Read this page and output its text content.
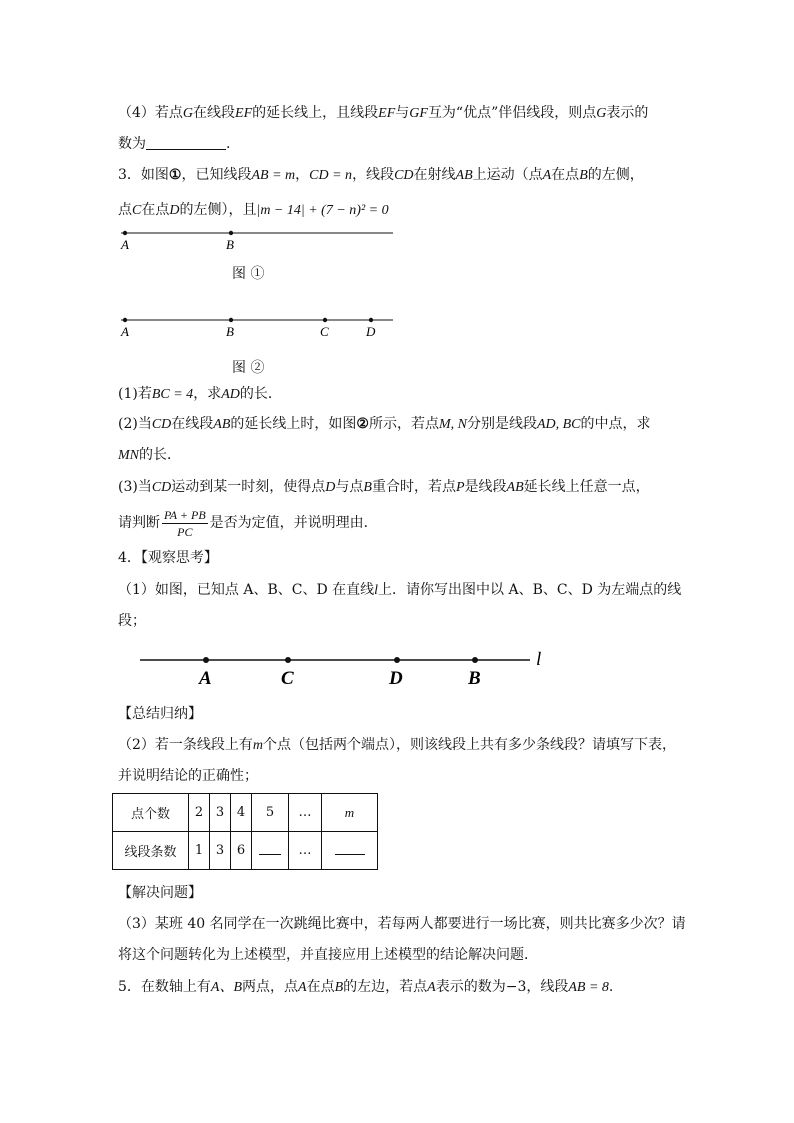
（4）若点G在线段EF的延长线上，且线段EF与GF互为“优点”伴侣线段，则点G表示的
数为	.
3．如图①，已知线段AB = m，CD = n，线段CD在射线AB上运动（点A在点B的左侧，
点C在点D的左侧），且|m − 14| + (7 − n)² = 0
A	B
图 ①
A	B	C	D
图 ②
(1)若BC = 4，求AD的长．
(2)当CD在线段AB的延长线上时，如图②所示，若点M, N分别是线段AD, BC的中点，求
MN的长．
(3)当CD运动到某一时刻，使得点D与点B重合时，若点P是线段AB延长线上任意一点，
请判断 $\frac{PA + PB}{PC}$ 是否为定值，并说明理由．
4．【观察思考】
（1）如图，已知点 A、B、C、D 在直线l上．请你写出图中以 A、B、C、D 为左端点的线
段；
A	C	D	B
l
【总结归纳】
（2）若一条线段上有m个点（包括两个端点），则该线段上共有多少条线段？请填写下表，
并说明结论的正确性；
点个数	2	3	4	5	…	m
线段条数	1	3	6		…	
【解决问题】
（3）某班 40 名同学在一次跳绳比赛中，若每两人都要进行一场比赛，则共比赛多少次？请
将这个问题转化为上述模型，并直接应用上述模型的结论解决问题．
5．在数轴上有A、B两点，点A在点B的左边，若点A表示的数为−3，线段AB = 8.
